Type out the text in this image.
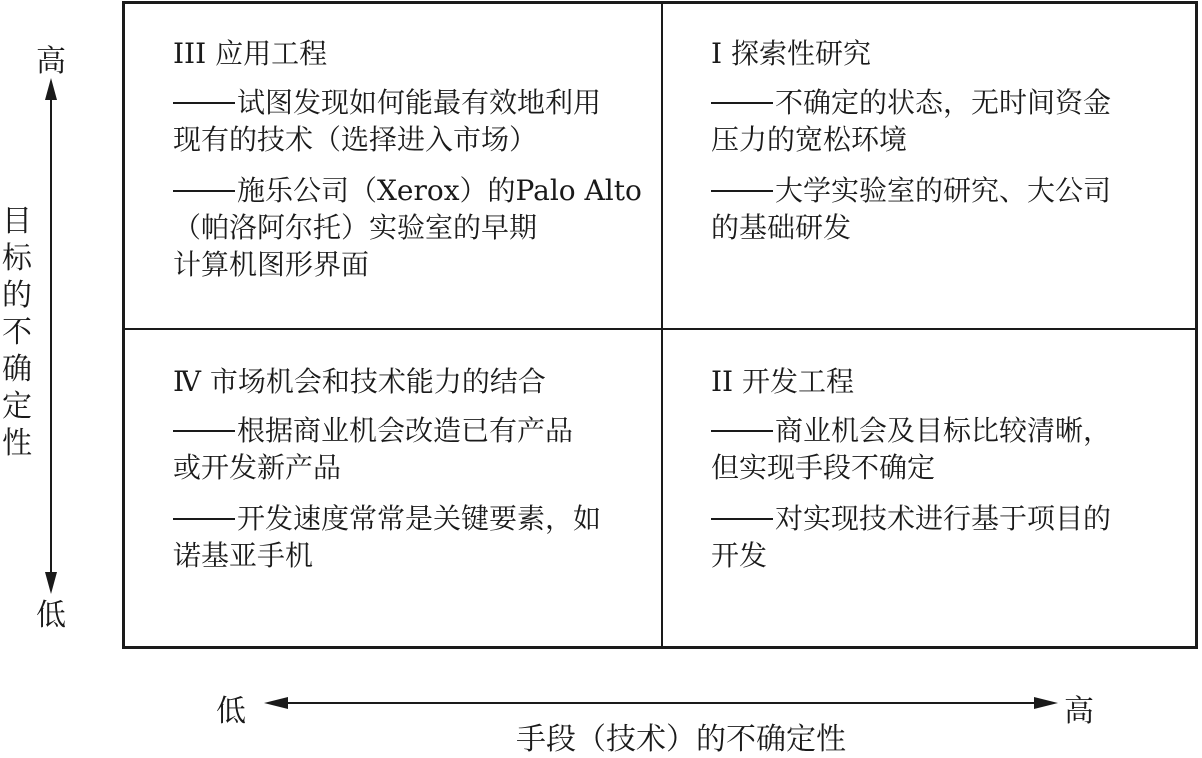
高
低
目
标
的
不
确
定
性
III 应用工程
试图发现如何能最有效地利用
现有的技术（选择进入市场）
施乐公司（Xerox）的Palo Alto
（帕洛阿尔托）实验室的早期
计算机图形界面
I 探索性研究
不确定的状态，无时间资金
压力的宽松环境
大学实验室的研究、大公司
的基础研发
Ⅳ 市场机会和技术能力的结合
根据商业机会改造已有产品
或开发新产品
开发速度常常是关键要素，如
诺基亚手机
II 开发工程
商业机会及目标比较清晰，
但实现手段不确定
对实现技术进行基于项目的
开发
低	高
手段（技术）的不确定性
